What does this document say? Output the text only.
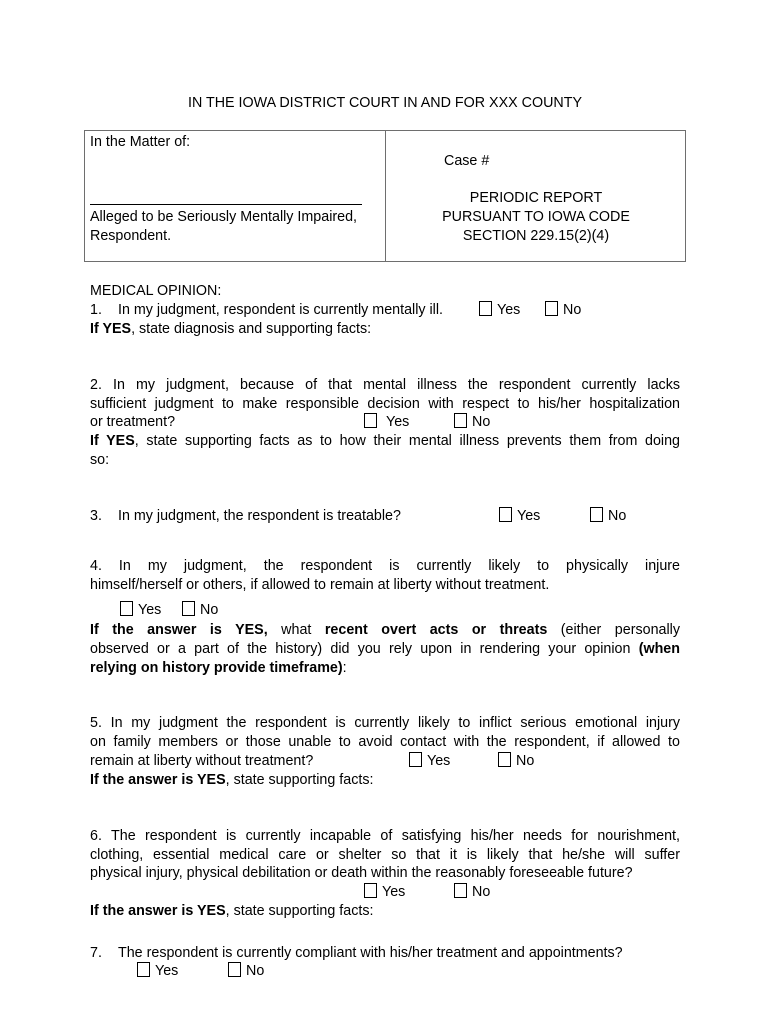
IN THE IOWA DISTRICT COURT IN AND FOR XXX COUNTY
In the Matter of:
Alleged to be Seriously Mentally Impaired,
Respondent.
Case #
PERIODIC REPORT
PURSUANT TO IOWA CODE
SECTION 229.15(2)(4)
MEDICAL OPINION:
1. In my judgment, respondent is currently mentally ill.	Yes	No
If YES, state diagnosis and supporting facts:
2. In my judgment, because of that mental illness the respondent currently lacks
sufficient judgment to make responsible decision with respect to his/her hospitalization
or treatment?	Yes	No
If YES, state supporting facts as to how their mental illness prevents them from doing
so:
3. In my judgment, the respondent is treatable?	Yes	No
4. In my judgment, the respondent is currently likely to physically injure
himself/herself or others, if allowed to remain at liberty without treatment.
Yes	No
If the answer is YES, what recent overt acts or threats (either personally
observed or a part of the history) did you rely upon in rendering your opinion (when
relying on history provide timeframe):
5. In my judgment the respondent is currently likely to inflict serious emotional injury
on family members or those unable to avoid contact with the respondent, if allowed to
remain at liberty without treatment?	Yes	No
If the answer is YES, state supporting facts:
6. The respondent is currently incapable of satisfying his/her needs for nourishment,
clothing, essential medical care or shelter so that it is likely that he/she will suffer
physical injury, physical debilitation or death within the reasonably foreseeable future?
Yes	No
If the answer is YES, state supporting facts:
7. The respondent is currently compliant with his/her treatment and appointments?
Yes	No
